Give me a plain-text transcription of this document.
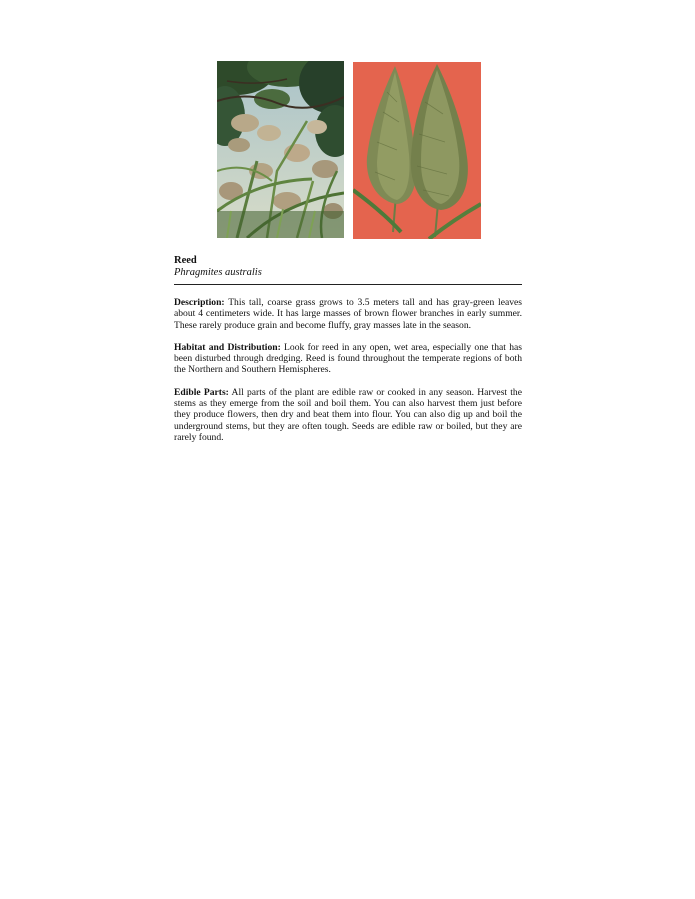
Reed
Phragmites australis

Description: This tall, coarse grass grows to 3.5 meters tall and has gray-green leaves about 4 centimeters wide. It has large masses of brown flower branches in early summer. These rarely produce grain and become fluffy, gray masses late in the season.

Habitat and Distribution: Look for reed in any open, wet area, especially one that has been disturbed through dredging. Reed is found throughout the temperate regions of both the Northern and Southern Hemispheres.

Edible Parts: All parts of the plant are edible raw or cooked in any season. Harvest the stems as they emerge from the soil and boil them. You can also harvest them just before they produce flowers, then dry and beat them into flour. You can also dig up and boil the underground stems, but they are often tough. Seeds are edible raw or boiled, but they are rarely found.
